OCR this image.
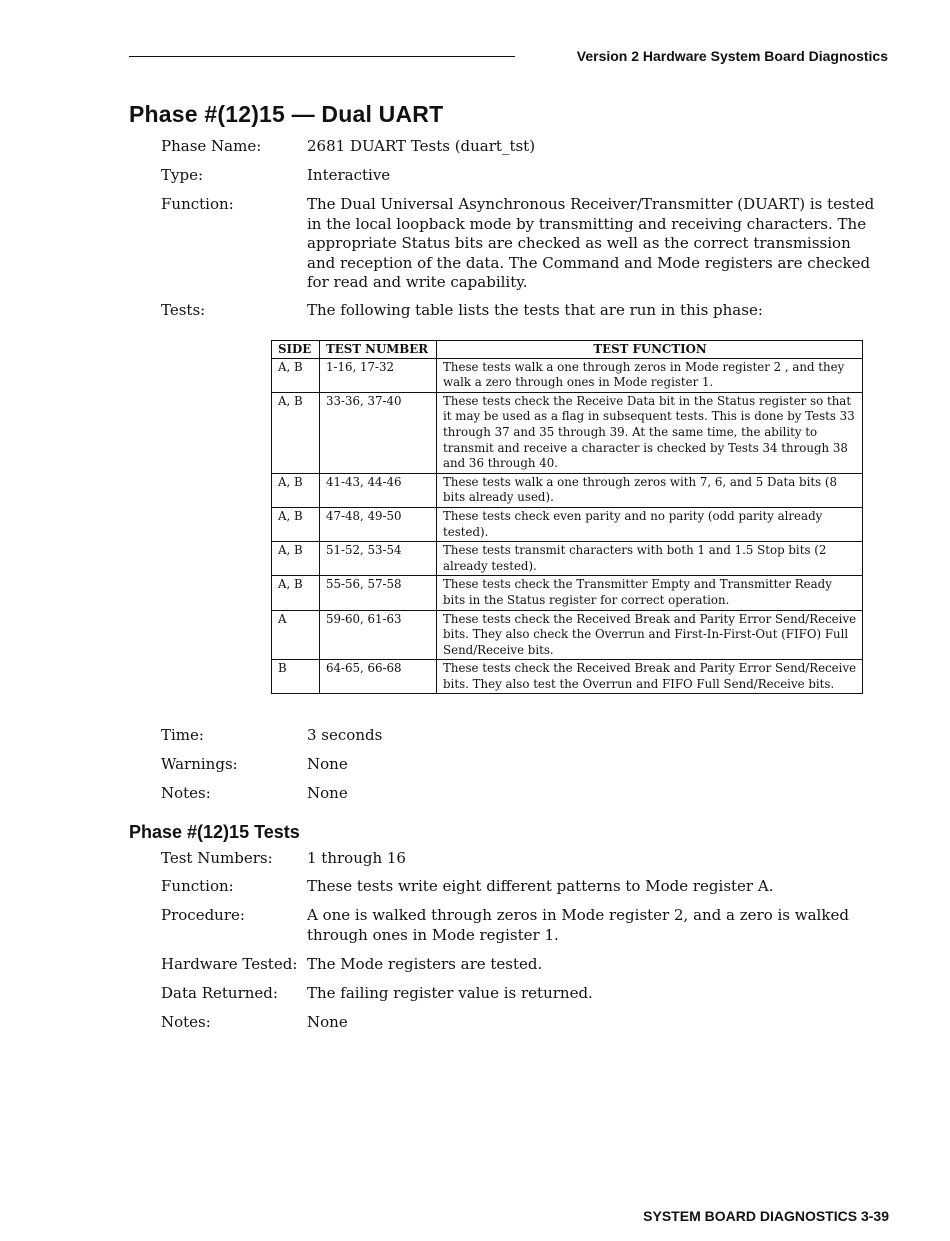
Version 2 Hardware System Board Diagnostics
Phase #(12)15 — Dual UART
Phase Name:	2681 DUART Tests (duart_tst)
Type:	Interactive
Function:	The Dual Universal Asynchronous Receiver/Transmitter (DUART) is tested in the local loopback mode by transmitting and receiving characters. The appropriate Status bits are checked as well as the correct transmission and reception of the data. The Command and Mode registers are checked for read and write capability.
Tests:	The following table lists the tests that are run in this phase:
SIDE	TEST NUMBER	TEST FUNCTION
A, B	1-16, 17-32	These tests walk a one through zeros in Mode register 2 , and they walk a zero through ones in Mode register 1.
A, B	33-36, 37-40	These tests check the Receive Data bit in the Status register so that it may be used as a flag in subsequent tests. This is done by Tests 33 through 37 and 35 through 39. At the same time, the ability to transmit and receive a character is checked by Tests 34 through 38 and 36 through 40.
A, B	41-43, 44-46	These tests walk a one through zeros with 7, 6, and 5 Data bits (8 bits already used).
A, B	47-48, 49-50	These tests check even parity and no parity (odd parity already tested).
A, B	51-52, 53-54	These tests transmit characters with both 1 and 1.5 Stop bits (2 already tested).
A, B	55-56, 57-58	These tests check the Transmitter Empty and Transmitter Ready bits in the Status register for correct operation.
A	59-60, 61-63	These tests check the Received Break and Parity Error Send/Receive bits. They also check the Overrun and First-In-First-Out (FIFO) Full Send/Receive bits.
B	64-65, 66-68	These tests check the Received Break and Parity Error Send/Receive bits. They also test the Overrun and FIFO Full Send/Receive bits.
Time:	3 seconds
Warnings:	None
Notes:	None
Phase #(12)15 Tests
Test Numbers: 1 through 16
Function:	These tests write eight different patterns to Mode register A.
Procedure:	A one is walked through zeros in Mode register 2, and a zero is walked through ones in Mode register 1.
Hardware Tested: The Mode registers are tested.
Data Returned: The failing register value is returned.
Notes:	None
SYSTEM BOARD DIAGNOSTICS 3-39
